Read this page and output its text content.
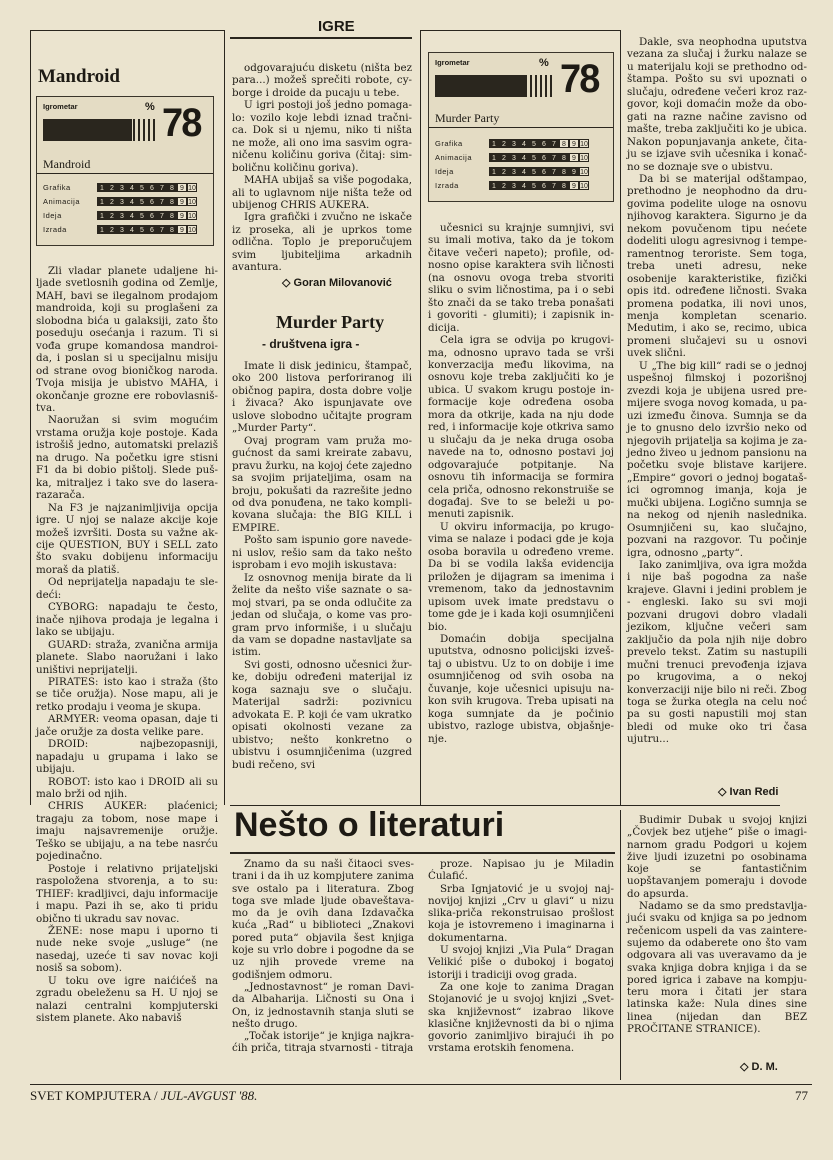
IGRE
Mandroid
Igrometar	% 78
Mandroid
Grafika	1 2 3 4 5 6 7 8 9 10
Animacija	1 2 3 4 5 6 7 8 9 10
Ideja	1 2 3 4 5 6 7 8 9 10
Izrada	1 2 3 4 5 6 7 8 9 10
Igrometar	% 78
Murder Party
Grafika	1 2 3 4 5 6 7 8 9 10
Animacija	1 2 3 4 5 6 7 8 9 10
Ideja	1 2 3 4 5 6 7 8 9 10
Izrada	1 2 3 4 5 6 7 8 9 10

Zli vladar planete udaljene hiljade svetlosnih godina od Zemlje, MAH, bavi se ilegalnom prodajom mandroida, koji su proglašeni za slobodna bića u galaksiji, zato što poseduju osećanja i razum. Ti si vođa grupe komandosa mandroida, i poslan si u specijalnu misiju od strane ovog bioničkog naroda. Tvoja misija je ubistvo MAHA, i okončanje grozne ere robovlasništva.

Naoružan si svim mogućim vrstama oružja koje postoje. Kada istrošiš jedno, automatski prelaziš na drugo. Na početku igre stisni F1 da bi dobio pištolj. Slede puška, mitraljez i tako sve do lasera-razarača.

Na F3 je najzanimljivija opcija igre. U njoj se nalaze akcije koje možeš izvršiti. Dosta su važne akcije QUESTION, BUY i SELL zato što svaku dobijenu informaciju moraš da platiš.

Od neprijatelja napadaju te sledeći:

CYBORG: napadaju te često, inače njihova prodaja je legalna i lako se ubijaju.

GUARD: straža, zvanična armija planete. Slabo naoružani i lako uništivi neprijatelji.

PIRATES: isto kao i straža (što se tiče oružja). Nose mapu, ali je retko prodaju i veoma je skupa.

ARMYER: veoma opasan, daje ti jače oružje za dosta velike pare.

DROID: najbezopasniji, napadaju u grupama i lako se ubijaju.

ROBOT: isto kao i DROID ali su malo brži od njih.

CHRIS AUKER: plaćenici; tragaju za tobom, nose mape i imaju najsavremenije oružje. Teško se ubijaju, a na tebe nasrću poјedinačno.

Postoje i relativno prijateljski raspoložena stvorenja, a to su: THIEF: kradljivci, daju informacije i mapu. Pazi ih se, ako ti pridu obično ti ukradu sav novac.

ŽENE: nose mapu i uporno ti nude neke svoje „usluge“ (ne nasedaj, uzeće ti sav novac koji nosiš sa sobom).

U toku ove igre naićićeš na zgradu obeleženu sa H. U njoj se nalazi centralni kompjuterski sistem planete. Ako nabaviš

odgovarajuću disketu (ništa bez para...) možeš sprečiti robote, cyborge i droide da pucaju u tebe.

U igri postoji još jedno pomagalo: vozilo koje lebdi iznad tračnica. Dok si u njemu, niko ti ništa ne može, ali ono ima sasvim ograničenu količinu goriva (čitaj: simboličnu količinu goriva).

MAHA ubijaš sa više pogodaka, ali to uglavnom nije ništa teže od ubijenog CHRIS AUKERA.

Igra grafički i zvučno ne iskače iz proseka, ali je uprkos tome odlična. Toplo je preporučujem svim ljubiteljima arkadnih avantura.

◇ Goran Milovanović
Murder Party
- društvena igra -

Imate li disk jedinicu, štampač, oko 200 listova perforiranog ili običnog papira, dosta dobre volje i živaca? Ako ispunjavate ove uslove slobodno učitajte program „Murder Party“.

Ovaj program vam pruža mogućnost da sami kreirate zabavu, pravu žurku, na kojoj ćete zajedno sa svojim prijateljima, osam na broju, pokušati da razrešite jedno od dva ponuđena, ne tako komplikovana slučaja: the BIG KILL i EMPIRE.

Pošto sam ispunio gore navedeni uslov, rešio sam da tako nešto isprobam i evo mojih iskustava:

Iz osnovnog menija birate da li želite da nešto više saznate o samoj stvari, pa se onda odlučite za jedan od slučaja, o kome vas program prvo informiše, i u slučaju da vam se dopadne nastavljate sa istim.

Svi gosti, odnosno učesnici žurke, dobiju određeni materijal iz koga saznaju sve o slučaju. Materijal sadrži: pozivnicu advokata E. P. koji će vam ukratko opisati okolnosti vezane za ubistvo; nešto konkretno o ubistvu i osumnjičenima (uzgred budi rečeno, svi

učesnici su krajnje sumnjivi, svi su imali motiva, tako da je tokom čitave večeri napeto); profile, odnosno opise karaktera svih ličnosti (na osnovu ovoga treba stvoriti sliku o svim ličnostima, pa i o sebi što znači da se tako treba ponašati i govoriti - glumiti); i zapisnik indicija.

Cela igra se odvija po krugovima, odnosno upravo tada se vrši konverzacija među likovima, na osnovu koje treba zaključiti ko je ubica. U svakom krugu postoje informacije koje određena osoba mora da otkrije, kada na nju dode red, i informacije koje otkriva samo u slučaju da je neka druga osoba navede na to, odnosno postavi joj odgovarajuće potpitanje. Na osnovu tih informacija se formira cela priča, odnosno rekonstruiše se događaj. Sve to se beleži u pomenuti zapisnik.

U okviru informacija, po krugovima se nalaze i podaci gde je koja osoba boravila u određeno vreme. Da bi se vodila lakša evidencija priložen je dijagram sa imenima i vremenom, tako da jednostavnim upisom uvek imate predstavu o tome gde je i kada koji osumnjičeni bio.

Domaćin dobija specijalna uputstva, odnosno policijski izveštaj o ubistvu. Uz to on dobije i ime osumnjičenog od svih osoba na čuvanje, koje učesnici upisuju nakon svih krugova. Treba upisati na koga sumnjate da je počinio ubistvo, razloge ubistva, objašnjenje.

Dakle, sva neophodna uputstva vezana za slučaj i žurku nalaze se u materijalu koji se prethodno odštampa. Pošto su svi upoznati o slučaju, određene večeri kroz razgovor, koji domaćin može da obogati na razne načine zavisno od mašte, treba zaključiti ko je ubica. Nakon popunjavanja ankete, čitaju se izjave svih učesnika i konačno se doznaje sve o ubistvu.

Da bi se materijal odštampao, prethodno je neophodno da drugovima podelite uloge na osnovu njihovog karaktera. Sigurno je da nekom povučenom tipu nećete dodeliti ulogu agresivnog i temperamentnog teroriste. Sem toga, treba uneti adresu, neke osobenije karakteristike, fizički opis itd. određene ličnosti. Svaka promena podatka, ili novi unos, menja kompletan scenario. Medutim, i ako se, recimo, ubica promeni slučajevi su u osnovi uvek slični.

U „The big kill“ radi se o jednoj uspešnoj filmskoj i pozorišnoj zvezdi koja je ubijena usred premijere svoga novog komada, u pauzi između činova. Sumnja se da je to gnusno delo izvršio neko od njegovih prijatelja sa kojima je zajedno živeo u jednom pansionu na početku svoje blistave karijere. „Empire“ govori o jednoj bogatašici ogromnog imanja, koja je mučki ubijena. Logično sumnja se na nekog od njenih naslednika. Osumnjičeni su, kao slučajno, pozvani na razgovor. Tu počinje igra, odnosno „party“.

Iako zanimljiva, ova igra možda i nije baš pogodna za naše krajeve. Glavni i jedini problem je - engleski. Iako su svi moji pozvani drugovi dobro vladali jezikom, ključne večeri sam zaključio da pola njih nije dobro prevelo tekst. Zatim su nastupili mučni trenuci prevođenja izjava po krugovima, a o nekoj konverzaciji nije bilo ni reči. Zbog toga se žurka otegla na celu noć pa su gosti napustili moj stan bledi od muke oko tri časa ujutru...

◇ Ivan Redi
Nešto o literaturi

Znamo da su naši čitaoci svestrani i da ih uz kompjutere zanima sve ostalo pa i literatura. Zbog toga sve mlade ljude obaveštavamo da je ovih dana Izdavačka kuća „Rad“ u biblioteci „Znakovi pored puta“ objavila šest knjiga koje su vrlo dobre i pogodne da se uz njih provede vreme na godišnjem odmoru.

„Jednostavnost“ je roman Davida Albaharija. Ličnosti su Ona i On, iz jednostavnih stanja sluti se nešto drugo.

„Točak istorije“ je knjiga najkraćih priča, titraja stvarnosti - titraja

proze. Napisao ju je Miladin Ćulafić.

Srba Ignjatović je u svojoj najnovijoj knjizi „Crv u glavi“ u nizu slika-priča rekonstruisao prošlost koja je istovremeno i imaginarna i dokumentarna.

U svojoj knjizi „Via Pula“ Dragan Velikić piše o dubokoj i bogatoj istoriji i tradiciji ovog grada.

Za one koje to zanima Dragan Stojanović je u svojoj knjizi „Svetska književnost“ izabrao likove klasične književnosti da bi o njima govorio zanimljivo birajući ih po vrstama erotskih fenomena.

Budimir Dubak u svojoj knjizi „Čovjek bez utjehe“ piše o imaginarnom gradu Podgori u kojem žive ljudi izuzetni po osobinama koje se fantastičnim uopštavanjem pomeraju i dovode do apsurda.

Nadamo se da smo predstavljajući svaku od knjiga sa po jednom rečenicom uspeli da vas zainteresujemo da odaberete ono što vam odgovara ali vas uveravamo da je svaka knjiga dobra knjiga i da se pored igrica i zabave na kompjuteru mora i čitati jer stara latinska kaže: Nula dines sine linea (nijedan dan BEZ PROČITANE STRANICE).

◇ D. M.
SVET KOMPJUTERA / JUL-AVGUST '88.	77
